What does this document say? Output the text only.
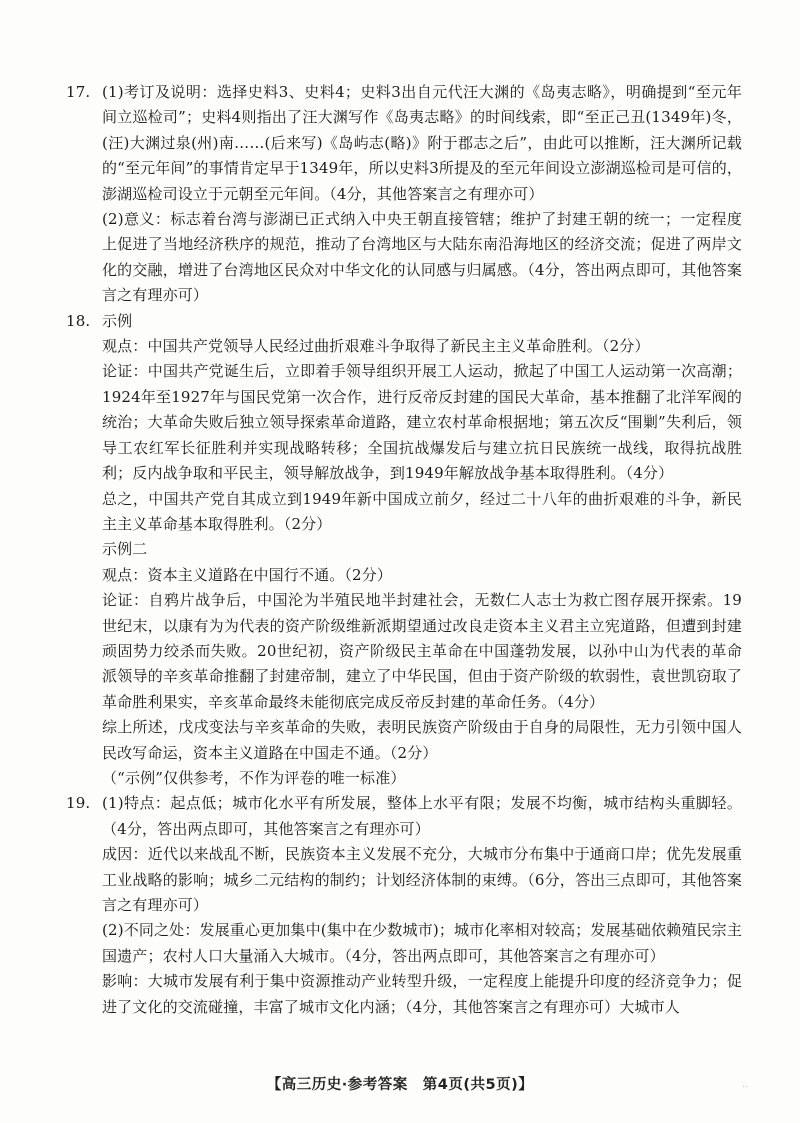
17. (1)考订及说明：选择史料3、史料4；史料3出自元代汪大渊的《岛夷志略》，明确提到“至元年间立巡检司”；史料4则指出了汪大渊写作《岛夷志略》的时间线索，即“至正己丑(1349年)冬，(汪)大渊过泉(州)南……(后来写)《岛屿志(略)》附于郡志之后”，由此可以推断，汪大渊所记载的“至元年间”的事情肯定早于1349年，所以史料3所提及的至元年间设立澎湖巡检司是可信的，澎湖巡检司设立于元朝至元年间。（4分，其他答案言之有理亦可）

(2)意义：标志着台湾与澎湖已正式纳入中央王朝直接管辖；维护了封建王朝的统一；一定程度上促进了当地经济秩序的规范，推动了台湾地区与大陆东南沿海地区的经济交流；促进了两岸文化的交融，增进了台湾地区民众对中华文化的认同感与归属感。（4分，答出两点即可，其他答案言之有理亦可）

18. 示例

观点：中国共产党领导人民经过曲折艰难斗争取得了新民主主义革命胜利。（2分）

论证：中国共产党诞生后，立即着手领导组织开展工人运动，掀起了中国工人运动第一次高潮；1924年至1927年与国民党第一次合作，进行反帝反封建的国民大革命，基本推翻了北洋军阀的统治；大革命失败后独立领导探索革命道路，建立农村革命根据地；第五次反“围剿”失利后，领导工农红军长征胜利并实现战略转移；全国抗战爆发后与建立抗日民族统一战线，取得抗战胜利；反内战争取和平民主，领导解放战争，到1949年解放战争基本取得胜利。（4分）

总之，中国共产党自其成立到1949年新中国成立前夕，经过二十八年的曲折艰难的斗争，新民主主义革命基本取得胜利。（2分）

示例二

观点：资本主义道路在中国行不通。（2分）

论证：自鸦片战争后，中国沦为半殖民地半封建社会，无数仁人志士为救亡图存展开探索。19世纪末，以康有为为代表的资产阶级维新派期望通过改良走资本主义君主立宪道路，但遭到封建顽固势力绞杀而失败。20世纪初，资产阶级民主革命在中国蓬勃发展，以孙中山为代表的革命派领导的辛亥革命推翻了封建帝制，建立了中华民国，但由于资产阶级的软弱性，袁世凯窃取了革命胜利果实，辛亥革命最终未能彻底完成反帝反封建的革命任务。（4分）

综上所述，戊戌变法与辛亥革命的失败，表明民族资产阶级由于自身的局限性，无力引领中国人民改写命运，资本主义道路在中国走不通。（2分）

（“示例”仅供参考，不作为评卷的唯一标准）

19. (1)特点：起点低；城市化水平有所发展，整体上水平有限；发展不均衡，城市结构头重脚轻。（4分，答出两点即可，其他答案言之有理亦可）

成因：近代以来战乱不断，民族资本主义发展不充分，大城市分布集中于通商口岸；优先发展重工业战略的影响；城乡二元结构的制约；计划经济体制的束缚。（6分，答出三点即可，其他答案言之有理亦可）

(2)不同之处：发展重心更加集中(集中在少数城市)；城市化率相对较高；发展基础依赖殖民宗主国遗产；农村人口大量涌入大城市。（4分，答出两点即可，其他答案言之有理亦可）

影响：大城市发展有利于集中资源推动产业转型升级，一定程度上能提升印度的经济竞争力；促进了文化的交流碰撞，丰富了城市文化内涵；（4分，其他答案言之有理亦可）大城市人

【高三历史·参考答案　第4页(共5页)】	..
